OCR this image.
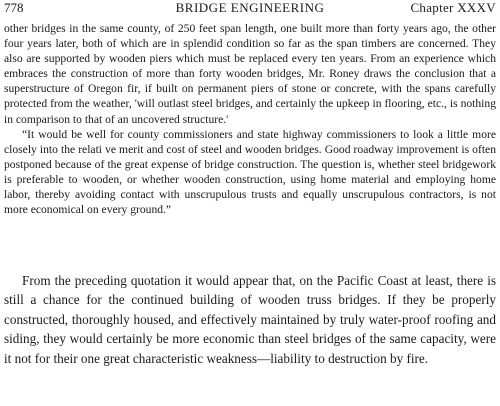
778	BRIDGE ENGINEERING	Chapter XXXV

other bridges in the same county, of 250 feet span length, one built more than forty years ago, the other four years later, both of which are in splendid condition so far as the span timbers are concerned. They also are supported by wooden piers which must be replaced every ten years. From an experience which embraces the construction of more than forty wooden bridges, Mr. Roney draws the conclusion that a superstructure of Oregon fir, if built on permanent piers of stone or concrete, with the spans carefully protected from the weather, 'will outlast steel bridges, and certainly the upkeep in flooring, etc., is nothing in comparison to that of an uncovered structure.'

“It would be well for county commissioners and state highway commissioners to look a little more closely into the relati ve merit and cost of steel and wooden bridges. Good roadway improvement is often postponed because of the great expense of bridge construction. The question is, whether steel bridgework is preferable to wooden, or whether wooden construction, using home material and employing home labor, thereby avoiding contact with unscrupulous trusts and equally unscrupulous contractors, is not more economical on every ground.”

From the preceding quotation it would appear that, on the Pacific Coast at least, there is still a chance for the continued building of wooden truss bridges. If they be properly constructed, thoroughly housed, and effectively maintained by truly water-proof roofing and siding, they would certainly be more economic than steel bridges of the same capacity, were it not for their one great characteristic weakness—liability to destruction by fire.
